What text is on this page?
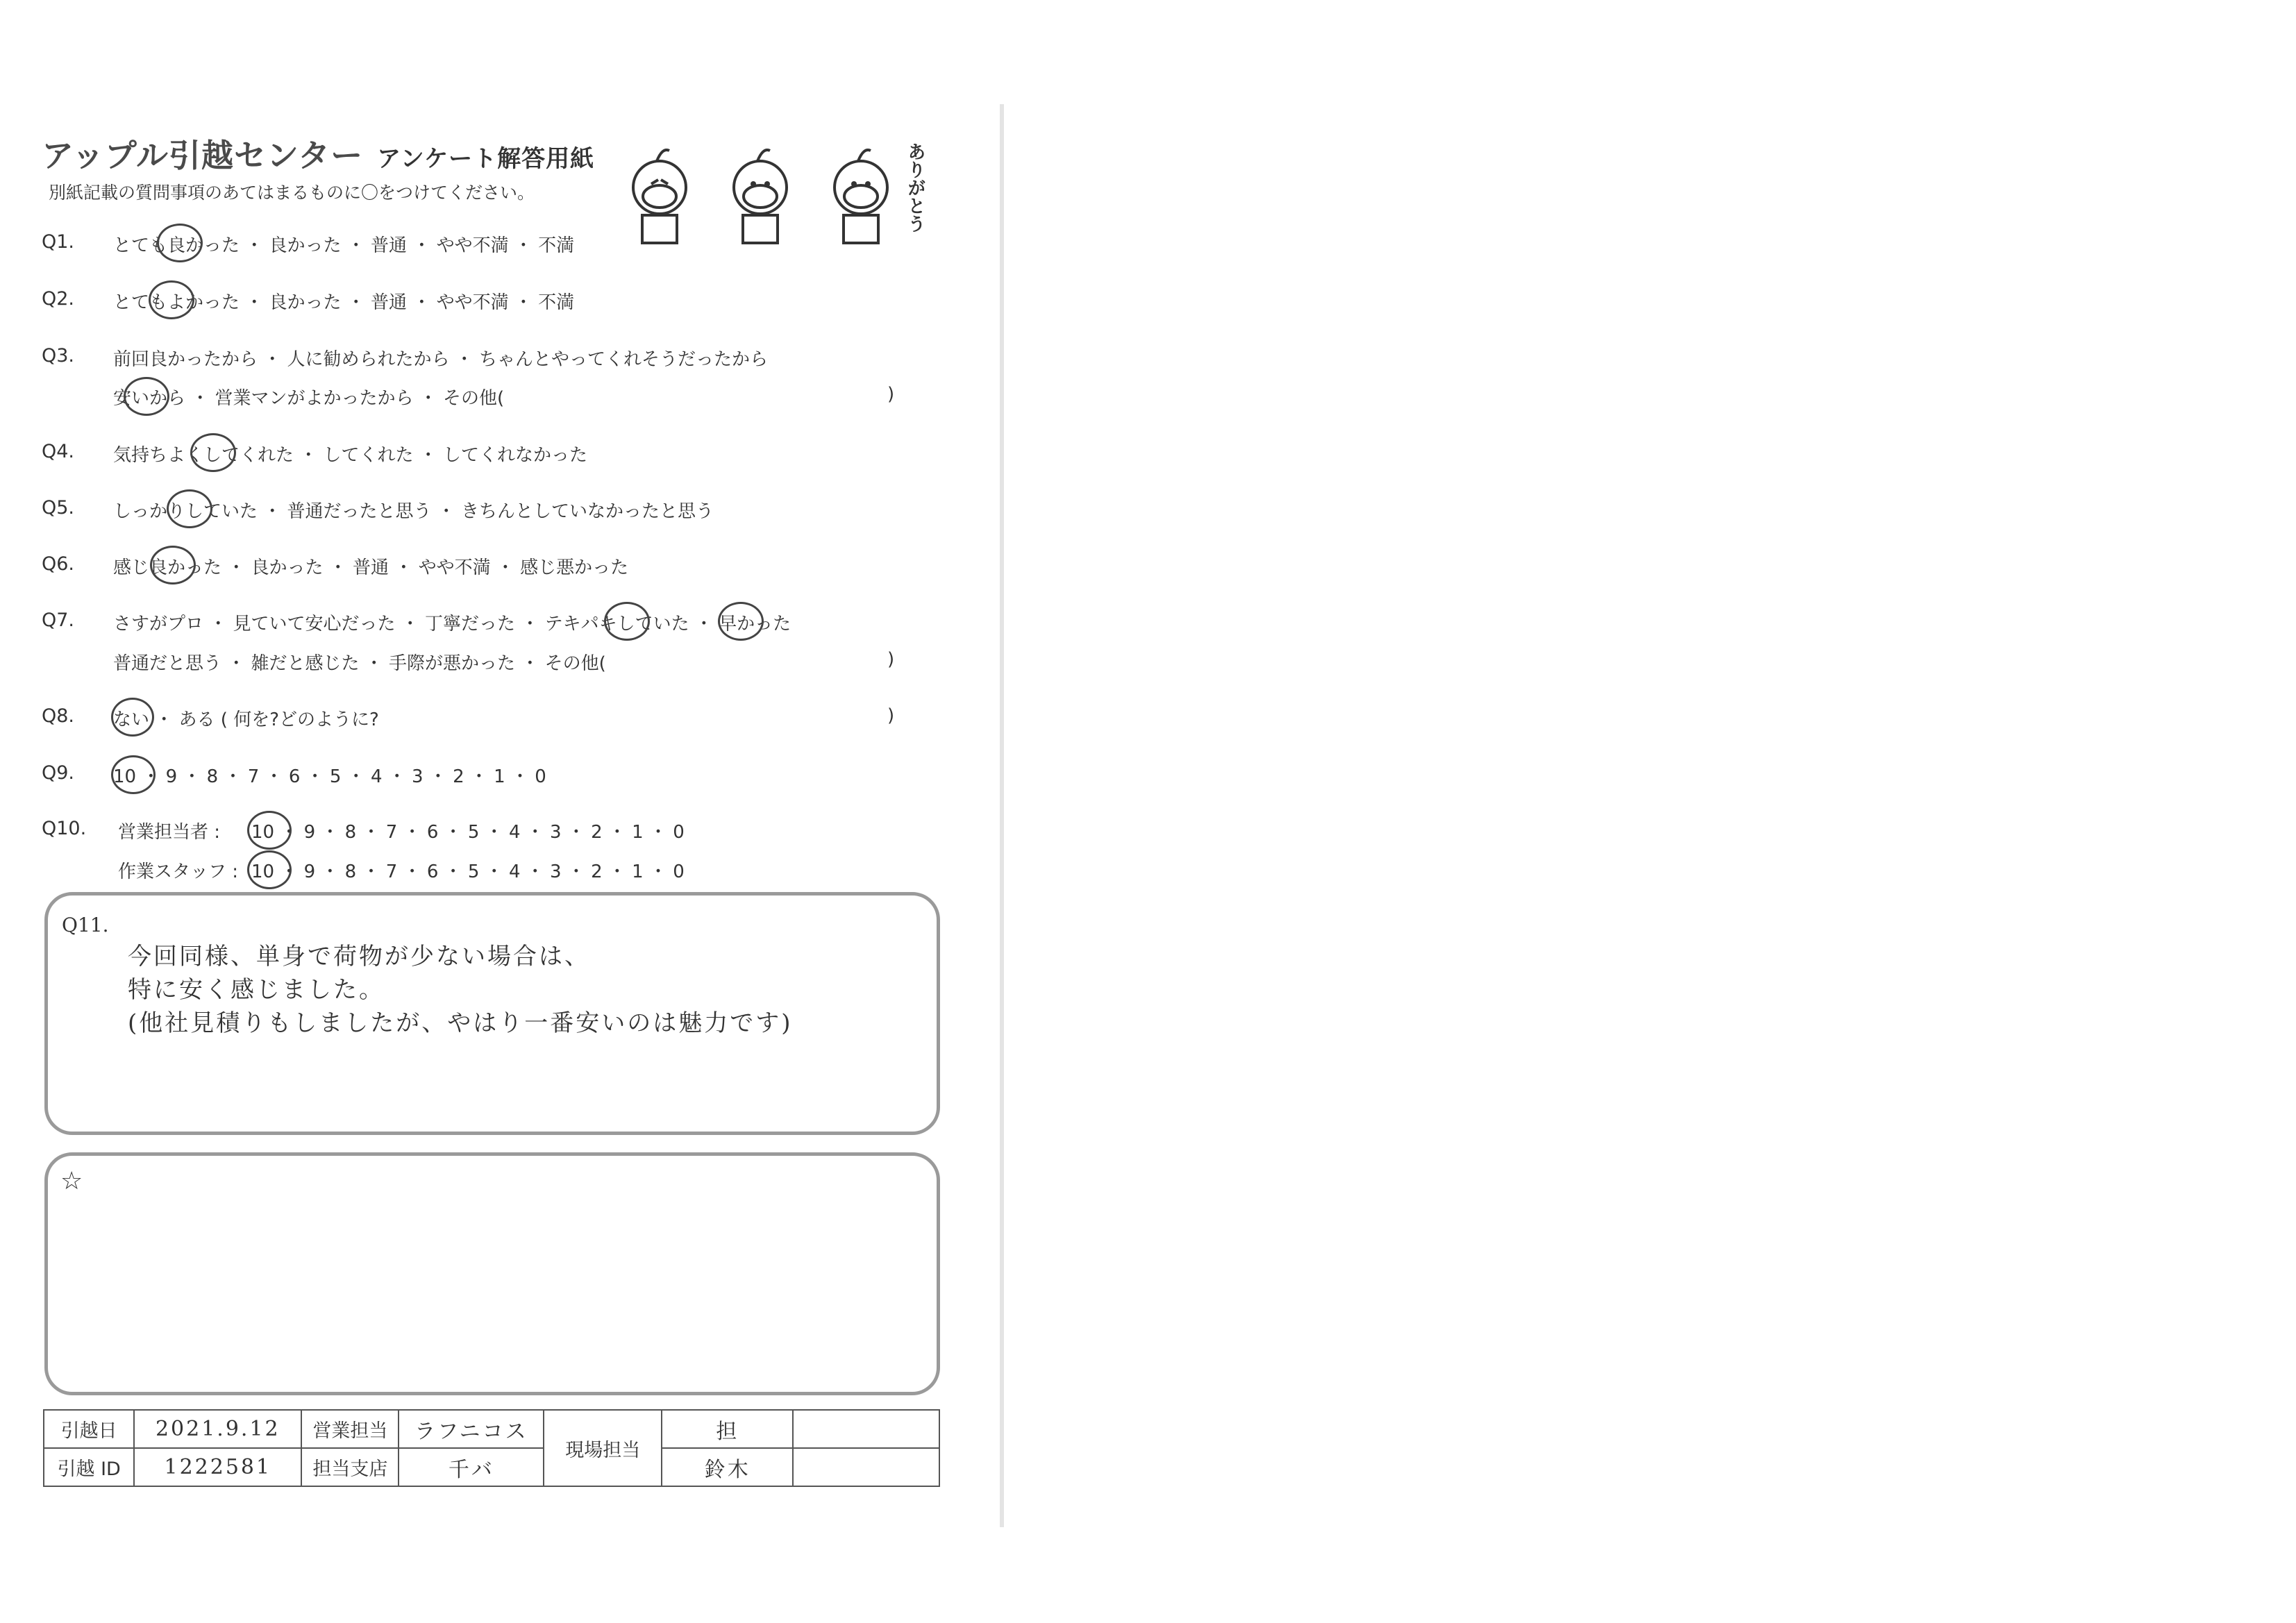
アップル引越センター アンケート解答用紙
別紙記載の質問事項のあてはまるものに〇をつけてください。	ありがとう
Q1. とても良かった ・ 良かった ・ 普通 ・ やや不満 ・ 不満
Q2. とてもよかった ・ 良かった ・ 普通 ・ やや不満 ・ 不満
Q3. 前回良かったから ・ 人に勧められたから ・ ちゃんとやってくれそうだったから
安いから ・ 営業マンがよかったから ・ その他(	)
Q4. 気持ちよくしてくれた ・ してくれた ・ してくれなかった
Q5. しっかりしていた ・ 普通だったと思う ・ きちんとしていなかったと思う
Q6. 感じ良かった ・ 良かった ・ 普通 ・ やや不満 ・ 感じ悪かった
Q7. さすがプロ ・ 見ていて安心だった ・ 丁寧だった ・ テキパキしていた ・ 早かった
普通だと思う ・ 雑だと感じた ・ 手際が悪かった ・ その他(	)
Q8. ない ・ ある ( 何を?どのように?	)
Q9. 10 ・ 9 ・ 8 ・ 7 ・ 6 ・ 5 ・ 4 ・ 3 ・ 2 ・ 1 ・ 0
Q10. 営業担当者 : 10 ・ 9 ・ 8 ・ 7 ・ 6 ・ 5 ・ 4 ・ 3 ・ 2 ・ 1 ・ 0
作業スタッフ : 10 ・ 9 ・ 8 ・ 7 ・ 6 ・ 5 ・ 4 ・ 3 ・ 2 ・ 1 ・ 0
Q11.
今回同様、単身で荷物が少ない場合は、
特に安く感じました。
(他社見積りもしましたが、やはり一番安いのは魅力です)
☆
引越日	2021.9.12	営業担当	ラフニコス	現場担当	担	
引越 ID	1222581	担当支店	千バ		鈴木	
